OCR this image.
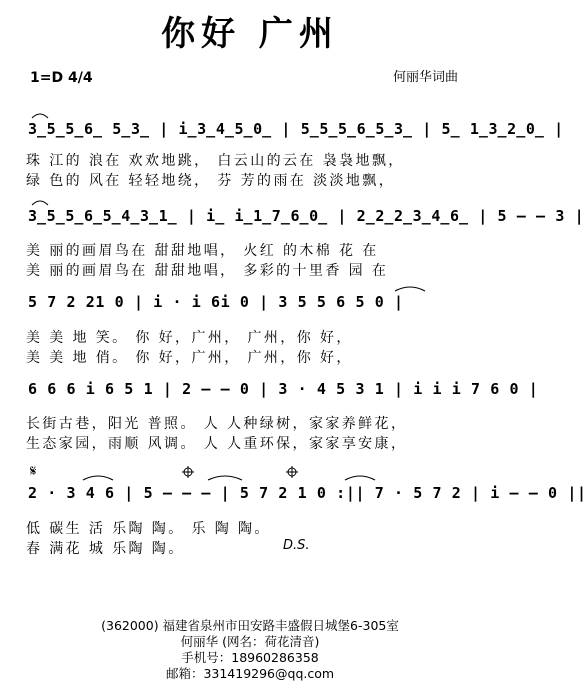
你好 广州
1=D 4/4	何丽华词曲
3̲5̲5̲6̲ 5̲3̲ | i̲3̲4̲5̲0̲ | 5̲5̲5̲6̲5̲3̲ | 5̲ 1̲3̲2̲0̲ |
珠 江的 浪在 欢欢地跳， 白云山的云在 袅袅地飘，
绿 色的 风在 轻轻地绕， 芬 芳的雨在 淡淡地飘，
3̲5̲5̲6̲5̲4̲3̲1̲ | i̲ i̲1̲7̲6̲0̲ | 2̲2̲2̲3̲4̲6̲ | 5 — — 3 |
美 丽的画眉鸟在 甜甜地唱， 火红 的木棉 花 在
美 丽的画眉鸟在 甜甜地唱， 多彩的十里香 园 在
5 7 2 21 0 | i · i 6i 0 | 3 5 5 6 5 0 |
美 美 地 笑。 你 好，广州， 广州，你 好，
美 美 地 俏。 你 好，广州， 广州，你 好，
6 6 6 i 6 5 1 | 2 — — 0 | 3 · 4 5 3 1 | i i i 7 6 0 |
长街古巷，阳光 普照。 人 人种绿树，家家养鲜花，
生态家园，雨顺 风调。 人 人重环保，家家享安康，
𝄋
2 · 3 4 6 | 5 — — — | 5 7 2 1 0 :|| 7 · 5 7 2 | i — — 0 ||
低 碳生 活 乐陶 陶。 乐 陶 陶。
春 满花 城 乐陶 陶。	D.S.
(362000) 福建省泉州市田安路丰盛假日城堡6-305室
何丽华 (网名：荷花清音)
手机号：18960286358
邮箱：331419296@qq.com
